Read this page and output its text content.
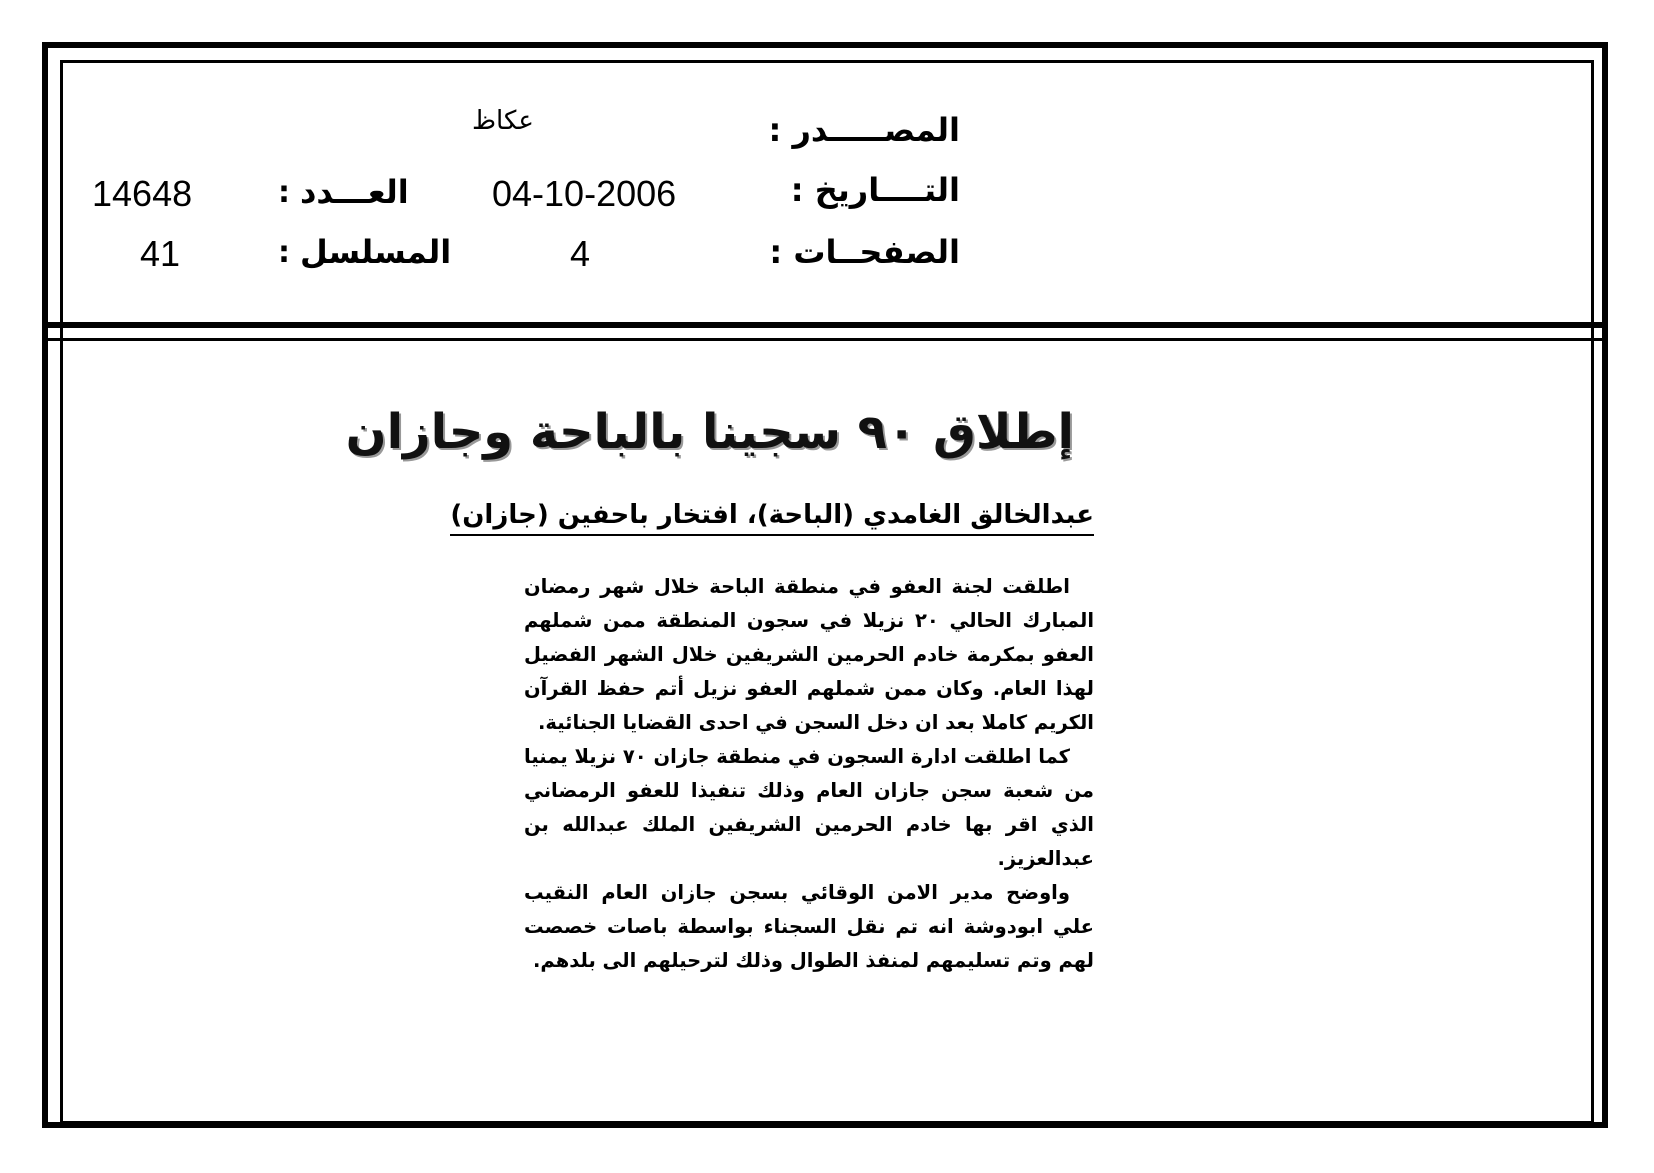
المصـــــدر :
عكاظ
التــــاريخ :
04-10-2006
العـــدد
:
14648
الصفحــات :
4
المسلسل
:
41
إطلاق ٩٠ سجينا بالباحة وجازان
عبدالخالق الغامدي (الباحة)، افتخار باحفين (جازان)

اطلقت لجنة العفو في منطقة الباحة خلال شهر رمضان المبارك الحالي ٢٠ نزيلا في سجون المنطقة ممن شملهم العفو بمكرمة خادم الحرمين الشريفين خلال الشهر الفضيل لهذا العام. وكان ممن شملهم العفو نزيل أتم حفظ القرآن الكريم كاملا بعد ان دخل السجن في احدى القضايا الجنائية.

كما اطلقت ادارة السجون في منطقة جازان ٧٠ نزيلا يمنيا من شعبة سجن جازان العام وذلك تنفيذا للعفو الرمضاني الذي اقر بها خادم الحرمين الشريفين الملك عبدالله بن عبدالعزيز.

واوضح مدير الامن الوقائي بسجن جازان العام النقيب علي ابودوشة انه تم نقل السجناء بواسطة باصات خصصت لهم وتم تسليمهم لمنفذ الطوال وذلك لترحيلهم الى بلدهم.
